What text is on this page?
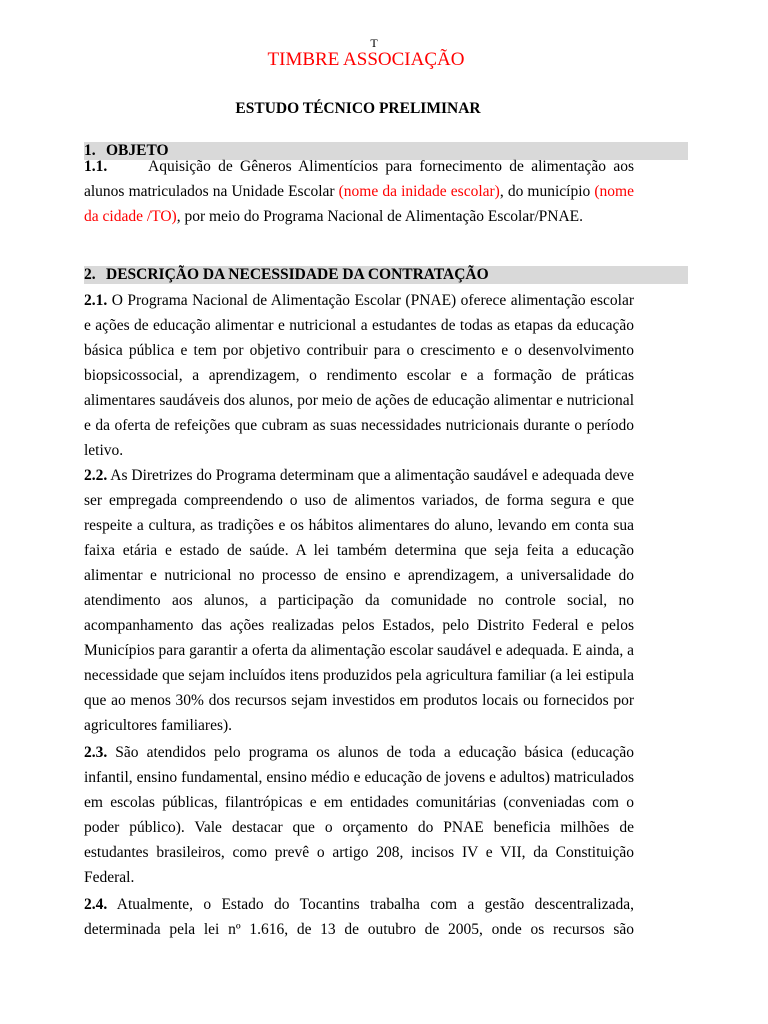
T
TIMBRE ASSOCIAÇÃO
ESTUDO TÉCNICO PRELIMINAR
1. OBJETO
1.1.	Aquisição de Gêneros Alimentícios para fornecimento de alimentação aos
alunos matriculados na Unidade Escolar (nome da inidade escolar), do município (nome
da cidade /TO), por meio do Programa Nacional de Alimentação Escolar/PNAE.
2. DESCRIÇÃO DA NECESSIDADE DA CONTRATAÇÃO
2.1. O Programa Nacional de Alimentação Escolar (PNAE) oferece alimentação escolar
e ações de educação alimentar e nutricional a estudantes de todas as etapas da educação
básica pública e tem por objetivo contribuir para o crescimento e o desenvolvimento
biopsicossocial, a aprendizagem, o rendimento escolar e a formação de práticas
alimentares saudáveis dos alunos, por meio de ações de educação alimentar e nutricional
e da oferta de refeições que cubram as suas necessidades nutricionais durante o período
letivo.
2.2. As Diretrizes do Programa determinam que a alimentação saudável e adequada deve
ser empregada compreendendo o uso de alimentos variados, de forma segura e que
respeite a cultura, as tradições e os hábitos alimentares do aluno, levando em conta sua
faixa etária e estado de saúde. A lei também determina que seja feita a educação
alimentar e nutricional no processo de ensino e aprendizagem, a universalidade do
atendimento aos alunos, a participação da comunidade no controle social, no
acompanhamento das ações realizadas pelos Estados, pelo Distrito Federal e pelos
Municípios para garantir a oferta da alimentação escolar saudável e adequada. E ainda, a
necessidade que sejam incluídos itens produzidos pela agricultura familiar (a lei estipula
que ao menos 30% dos recursos sejam investidos em produtos locais ou fornecidos por
agricultores familiares).
2.3. São atendidos pelo programa os alunos de toda a educação básica (educação
infantil, ensino fundamental, ensino médio e educação de jovens e adultos) matriculados
em escolas públicas, filantrópicas e em entidades comunitárias (conveniadas com o
poder público). Vale destacar que o orçamento do PNAE beneficia milhões de
estudantes brasileiros, como prevê o artigo 208, incisos IV e VII, da Constituição
Federal.
2.4. Atualmente, o Estado do Tocantins trabalha com a gestão descentralizada,
determinada pela lei nº 1.616, de 13 de outubro de 2005, onde os recursos são
